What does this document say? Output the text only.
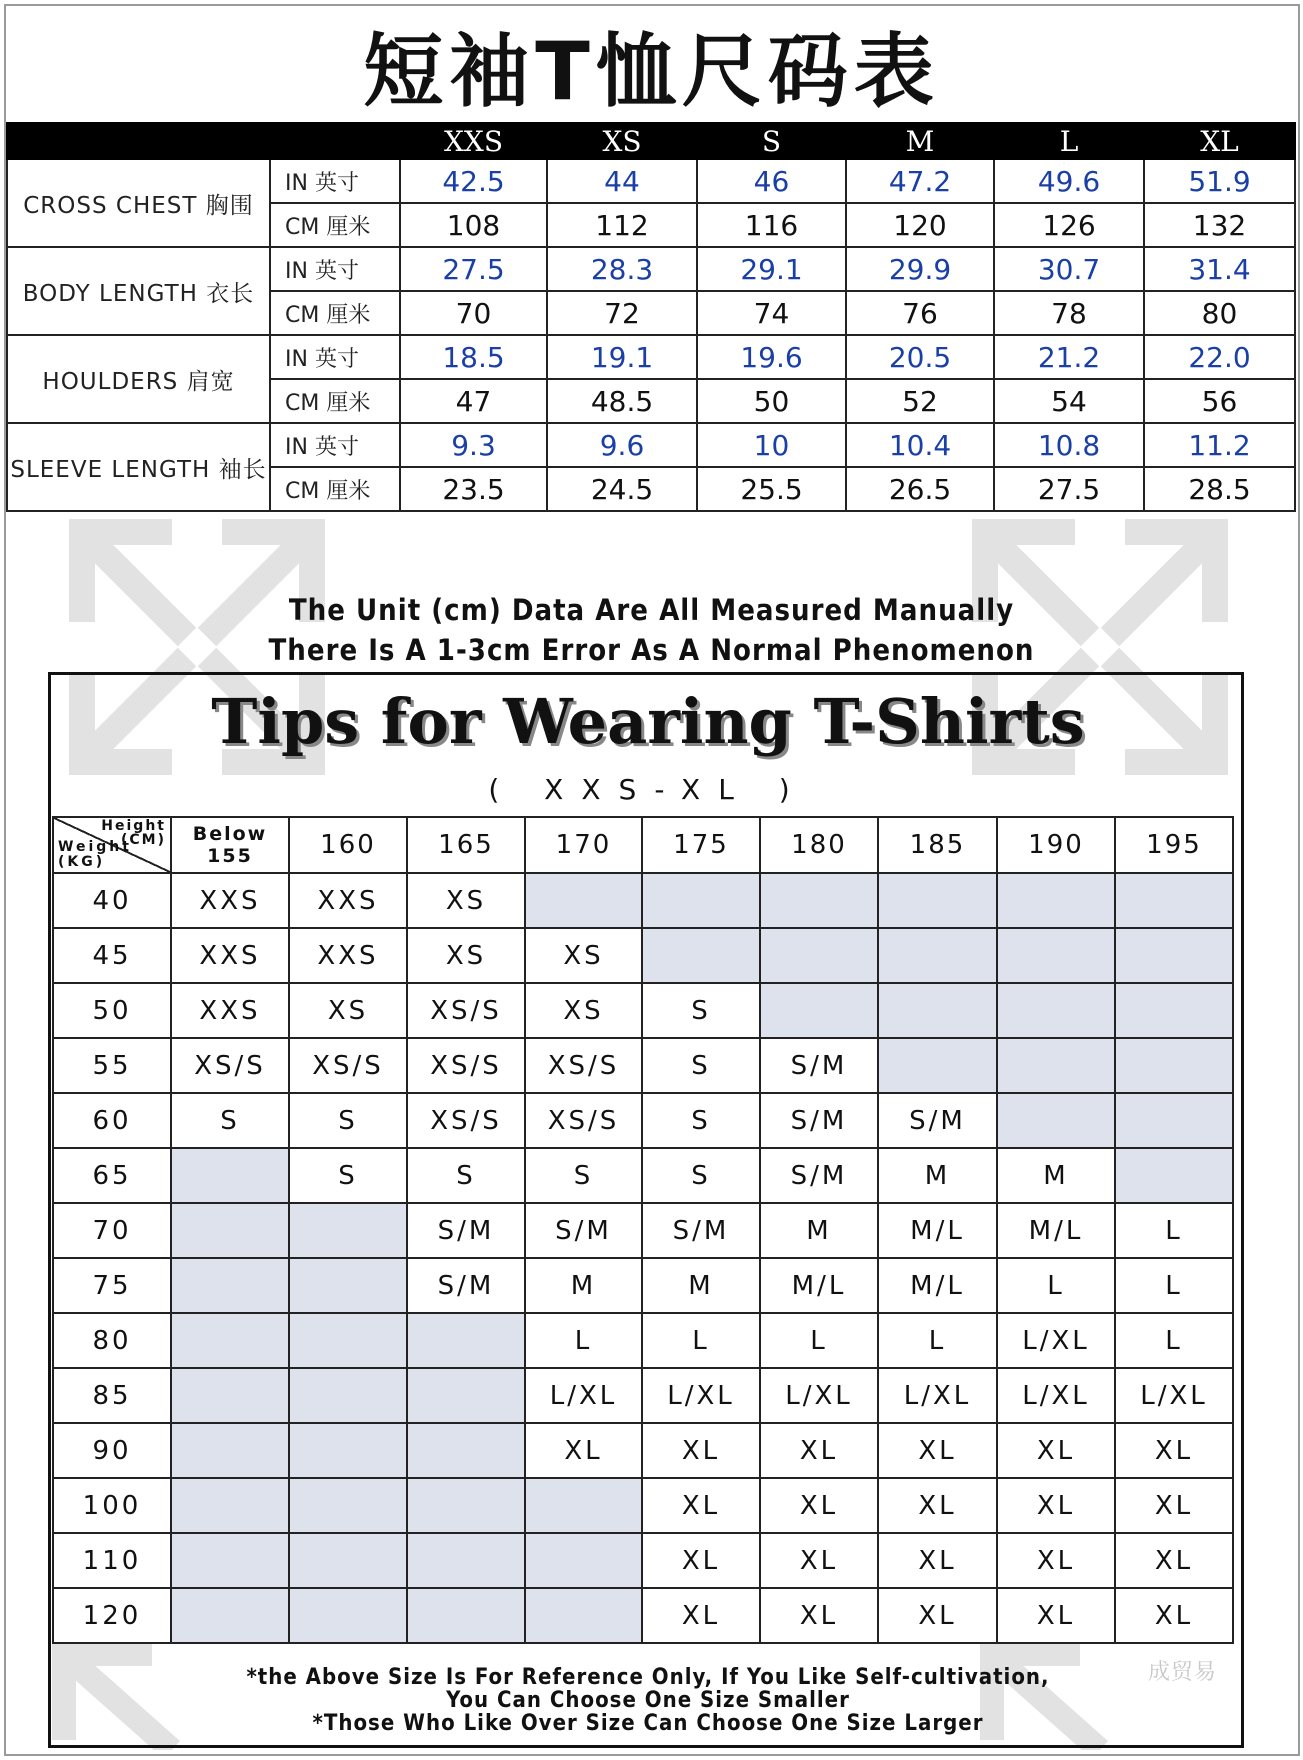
短袖T恤尺码表
		XXS	XS	S	M	L	XL
CROSS CHEST 胸围	IN 英寸	42.5	44	46	47.2	49.6	51.9
	CM 厘米	108	112	116	120	126	132
BODY LENGTH 衣长	IN 英寸	27.5	28.3	29.1	29.9	30.7	31.4
	CM 厘米	70	72	74	76	78	80
HOULDERS 肩宽	IN 英寸	18.5	19.1	19.6	20.5	21.2	22.0
	CM 厘米	47	48.5	50	52	54	56
SLEEVE LENGTH 袖长	IN 英寸	9.3	9.6	10	10.4	10.8	11.2
	CM 厘米	23.5	24.5	25.5	26.5	27.5	28.5
The Unit (cm) Data Are All Measured Manually
There Is A 1-3cm Error As A Normal Phenomenon
Tips for Wearing T-Shirts
( XXS-XL )
Height (CM)
Weight (KG)	Below 155	160	165	170	175	180	185	190	195
40	XXS	XXS	XS						
45	XXS	XXS	XS	XS					
50	XXS	XS	XS/S	XS	S				
55	XS/S	XS/S	XS/S	XS/S	S	S/M			
60	S	S	XS/S	XS/S	S	S/M	S/M		
65		S	S	S	S	S/M	M	M	
70			S/M	S/M	S/M	M	M/L	M/L	L
75			S/M	M	M	M/L	M/L	L	L
80				L	L	L	L	L/XL	L
85				L/XL	L/XL	L/XL	L/XL	L/XL	L/XL
90				XL	XL	XL	XL	XL	XL
100					XL	XL	XL	XL	XL
110					XL	XL	XL	XL	XL
120					XL	XL	XL	XL	XL
*the Above Size Is For Reference Only, If You Like Self-cultivation,
You Can Choose One Size Smaller
*Those Who Like Over Size Can Choose One Size Larger
成贸易
